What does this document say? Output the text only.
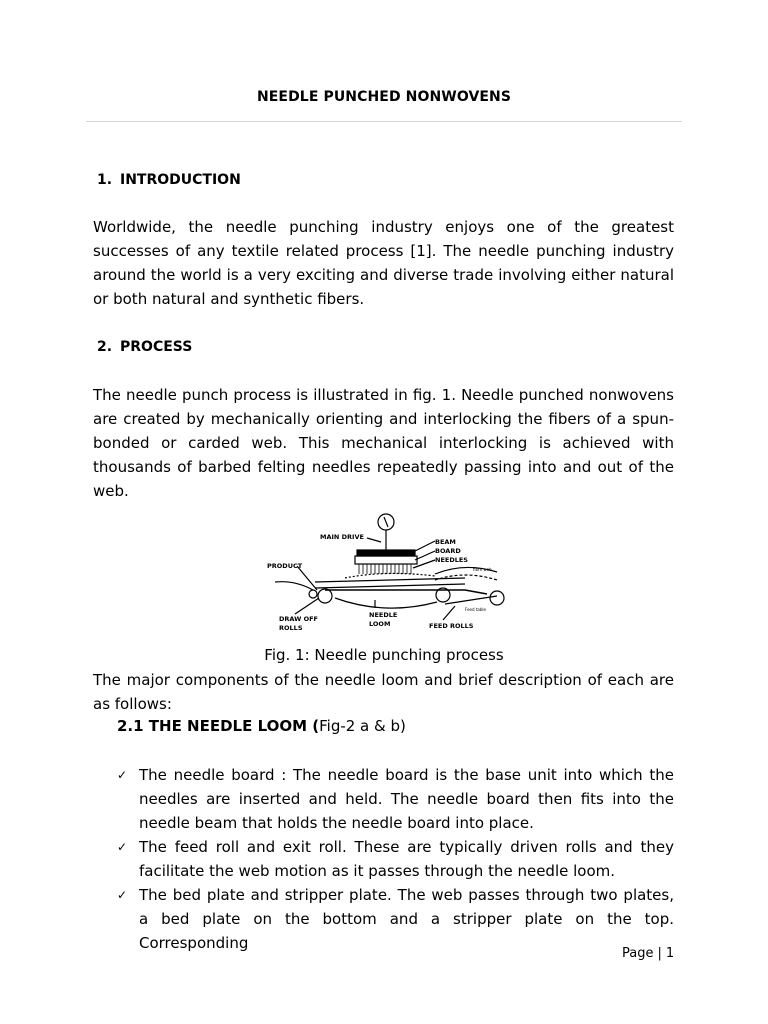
NEEDLE PUNCHED NONWOVENS
1. INTRODUCTION
Worldwide, the needle punching industry enjoys one of the greatest successes of any textile related process [1]. The needle punching industry around the world is a very exciting and diverse trade involving either natural or both natural and synthetic fibers.
2. PROCESS
The needle punch process is illustrated in fig. 1. Needle punched nonwovens are created by mechanically orienting and interlocking the fibers of a spun-bonded or carded web. This mechanical interlocking is achieved with thousands of barbed felting needles repeatedly passing into and out of the web.
MAIN DRIVE
BEAM
BOARD
NEEDLES
PRODUCT
DRAW OFF
ROLLS
NEEDLE
LOOM	FEED ROLLS
fibre web
Feed table
Fig. 1: Needle punching process
The major components of the needle loom and brief description of each are as follows:
2.1 THE NEEDLE LOOM (Fig-2 a & b)
✓ The needle board : The needle board is the base unit into which the needles are inserted and held. The needle board then fits into the needle beam that holds the needle board into place.
✓ The feed roll and exit roll. These are typically driven rolls and they facilitate the web motion as it passes through the needle loom.
✓ The bed plate and stripper plate. The web passes through two plates, a bed plate on the bottom and a stripper plate on the top. Corresponding
Page | 1
